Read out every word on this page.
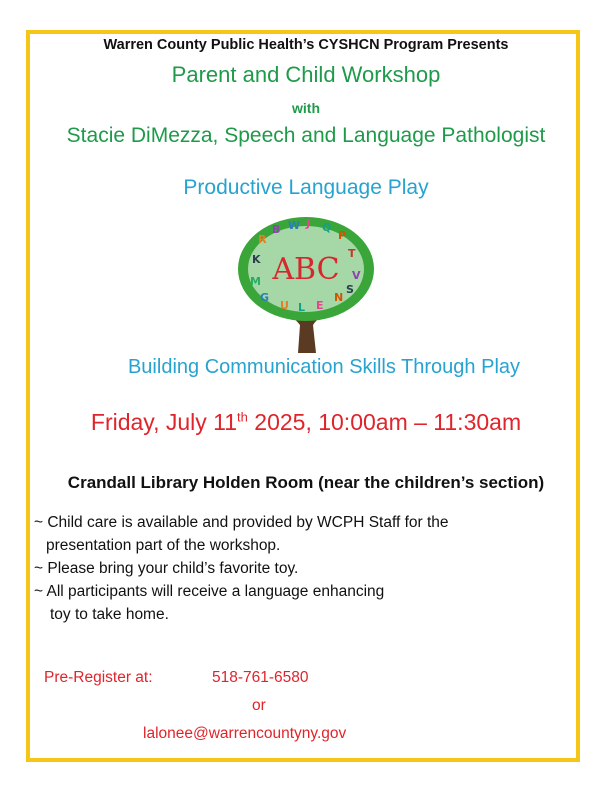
Warren County Public Health’s CYSHCN Program Presents
Parent and Child Workshop
with
Stacie DiMezza, Speech and Language Pathologist
Productive Language Play
R
B W J Q
P
K	T
M	V
G
U L E
N
S
ABC
Building Communication Skills Through Play
Friday, July 11th 2025, 10:00am – 11:30am
Crandall Library Holden Room (near the children’s section)

~ Child care is available and provided by WCPH Staff for the

presentation part of the workshop.

~ Please bring your child’s favorite toy.

~ All participants will receive a language enhancing

toy to take home.

Pre-Register at:	518-761-6580
or
lalonee@warrencountyny.gov
